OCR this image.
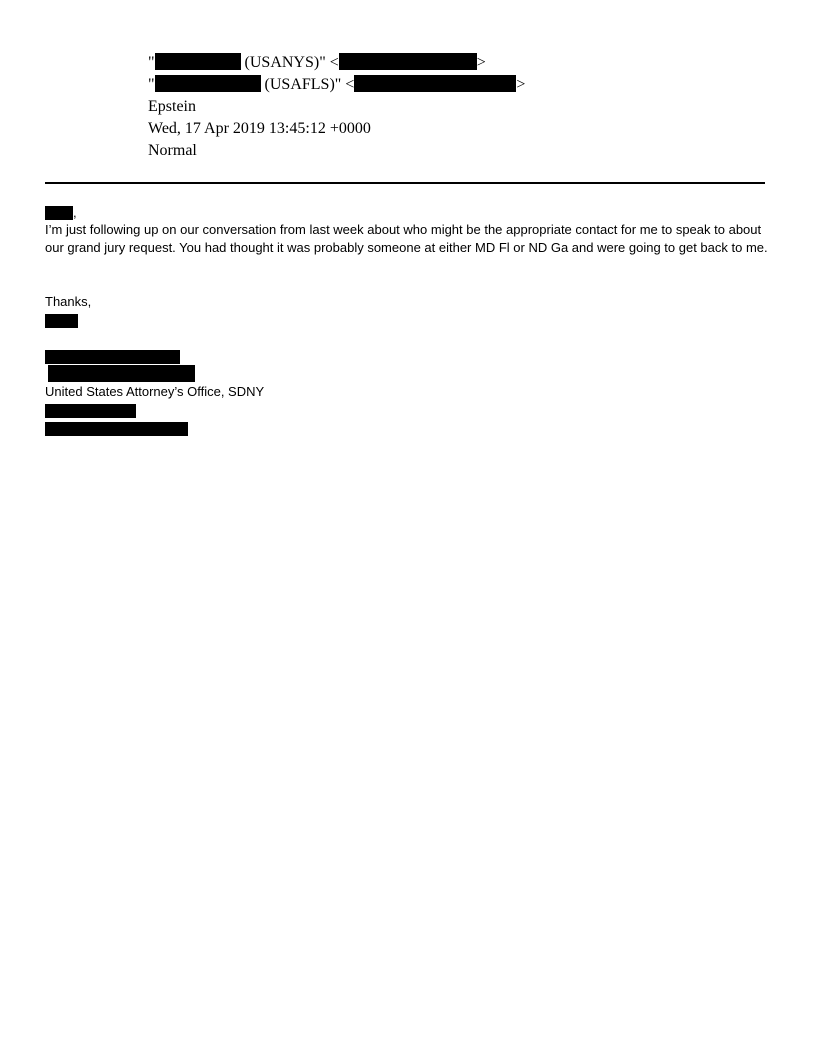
"	(USANYS)" <	>
"	(USAFLS)" <	>
Epstein
Wed, 17 Apr 2019 13:45:12 +0000
Normal
,
I’m just following up on our conversation from last week about who might be the appropriate contact for me to speak to about our grand jury request. You had thought it was probably someone at either MD Fl or ND Ga and were going to get back to me.
Thanks,
United States Attorney’s Office, SDNY
